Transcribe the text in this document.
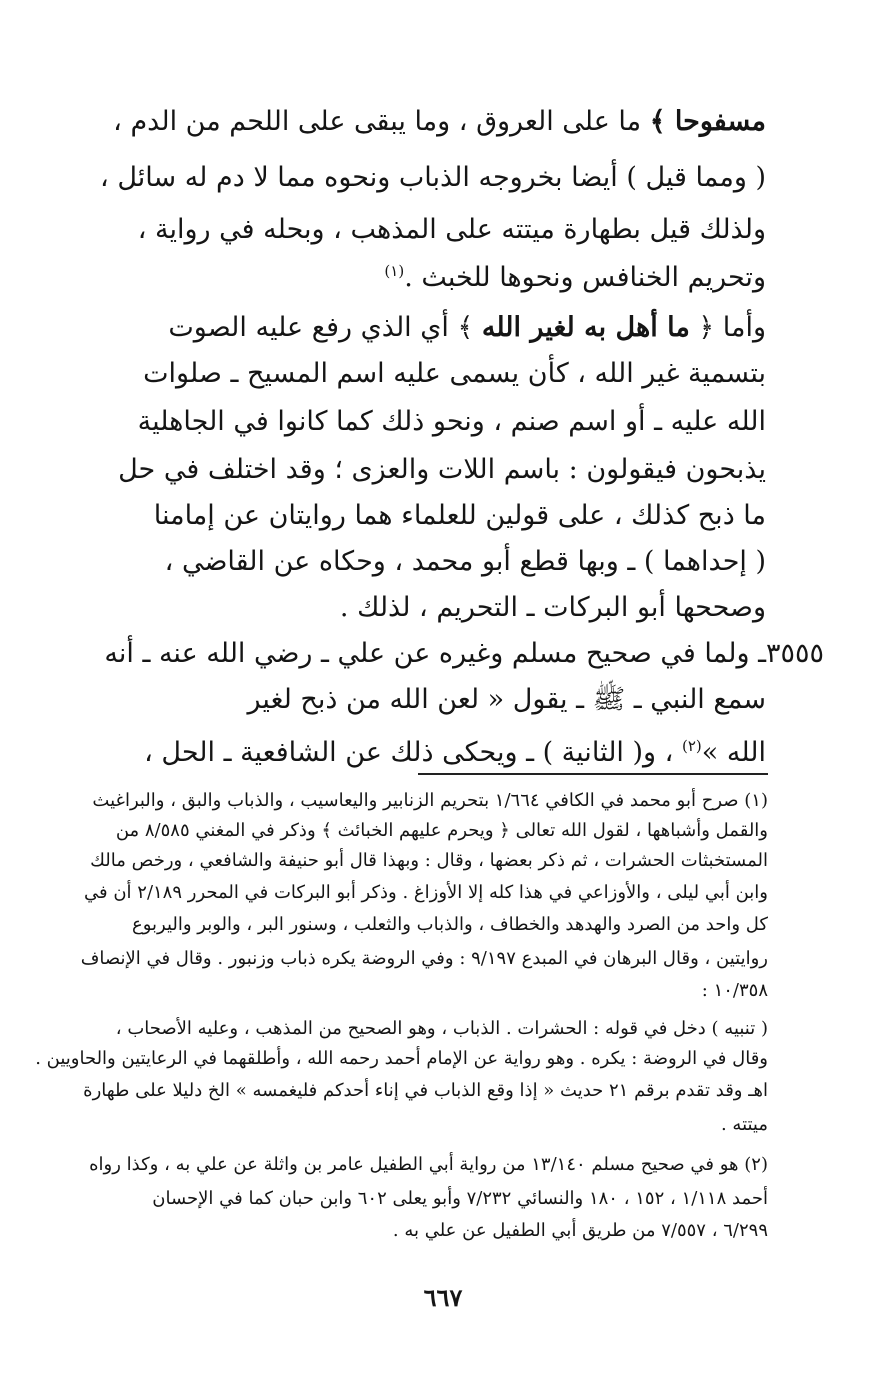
مسفوحا ﴾ ما على العروق ، وما يبقى على اللحم من الدم ،
( ومما قيل ) أيضا بخروجه الذباب ونحوه مما لا دم له سائل ،
ولذلك قيل بطهارة ميتته على المذهب ، وبحله في رواية ،
وتحريم الخنافس ونحوها للخبث .$^{(١)}$
وأما ﴿ ما أهل به لغير الله ﴾ أي الذي رفع عليه الصوت
بتسمية غير الله ، كأن يسمى عليه اسم المسيح ـ صلوات
الله عليه ـ أو اسم صنم ، ونحو ذلك كما كانوا في الجاهلية
يذبحون فيقولون : باسم اللات والعزى ؛ وقد اختلف في حل
ما ذبح كذلك ، على قولين للعلماء هما روايتان عن إمامنا
( إحداهما ) ـ وبها قطع أبو محمد ، وحكاه عن القاضي ،
وصححها أبو البركات ـ التحريم ، لذلك .
ـ ولما في صحيح مسلم وغيره عن علي ـ رضي الله عنه ـ أنه ٣٥٥٥
سمع النبي ـ ﷺ ـ يقول « لعن الله من ذبح لغير
الله »$^{(٢)}$ ، و( الثانية ) ـ ويحكى ذلك عن الشافعية ـ الحل ،
(١) صرح أبو محمد في الكافي ١/٦٦٤ بتحريم الزنابير واليعاسيب ، والذباب والبق ، والبراغيث
والقمل وأشباهها ، لقول الله تعالى ﴿ ويحرم عليهم الخبائث ﴾ وذكر في المغني ٨/٥٨٥ من
المستخبثات الحشرات ، ثم ذكر بعضها ، وقال : وبهذا قال أبو حنيفة والشافعي ، ورخص مالك
وابن أبي ليلى ، والأوزاعي في هذا كله إلا الأوزاغ . وذكر أبو البركات في المحرر ٢/١٨٩ أن في
كل واحد من الصرد والهدهد والخطاف ، والذباب والثعلب ، وسنور البر ، والوبر واليربوع
روايتين ، وقال البرهان في المبدع ٩/١٩٧ : وفي الروضة يكره ذباب وزنبور . وقال في الإنصاف
١٠/٣٥٨ :
( تنبيه ) دخل في قوله : الحشرات . الذباب ، وهو الصحيح من المذهب ، وعليه الأصحاب ،
وقال في الروضة : يكره . وهو رواية عن الإمام أحمد رحمه الله ، وأطلقهما في الرعايتين والحاويين .
اهـ وقد تقدم برقم ٢١ حديث « إذا وقع الذباب في إناء أحدكم فليغمسه » الخ دليلا على طهارة
ميتته .
(٢) هو في صحيح مسلم ١٣/١٤٠ من رواية أبي الطفيل عامر بن واثلة عن علي به ، وكذا رواه
أحمد ١/١١٨ ، ١٥٢ ، ١٨٠ والنسائي ٧/٢٣٢ وأبو يعلى ٦٠٢ وابن حبان كما في الإحسان
٦/٢٩٩ ، ٧/٥٥٧ من طريق أبي الطفيل عن علي به .
٦٦٧
